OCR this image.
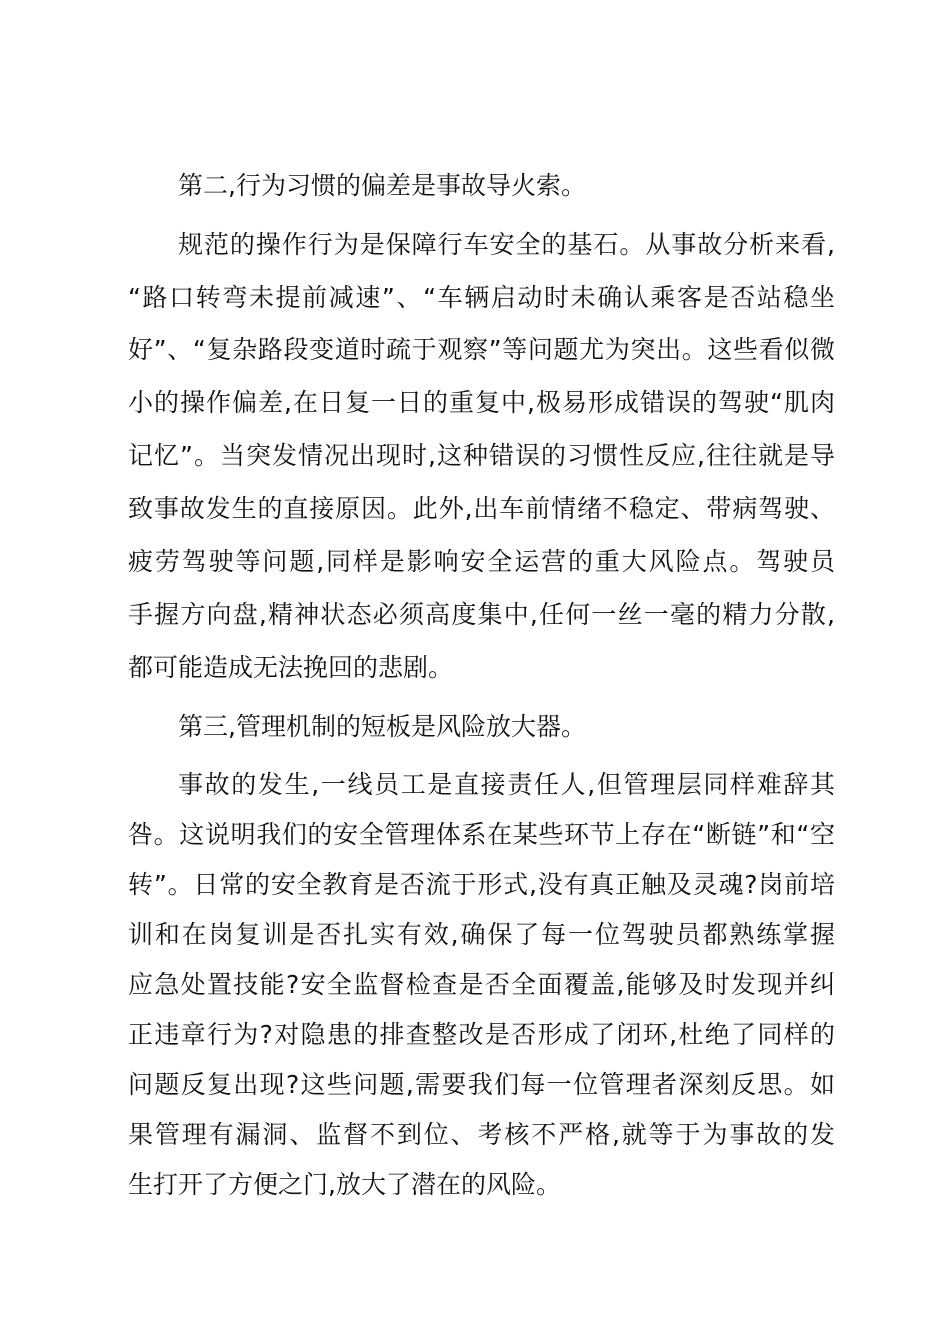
第二,行为习惯的偏差是事故导火索。
规范的操作行为是保障行车安全的基石。从事故分析来看,
“路口转弯未提前减速”、“车辆启动时未确认乘客是否站稳坐
好”、“复杂路段变道时疏于观察”等问题尤为突出。这些看似微
小的操作偏差,在日复一日的重复中,极易形成错误的驾驶“肌肉
记忆”。当突发情况出现时,这种错误的习惯性反应,往往就是导
致事故发生的直接原因。此外,出车前情绪不稳定、带病驾驶、
疲劳驾驶等问题,同样是影响安全运营的重大风险点。驾驶员
手握方向盘,精神状态必须高度集中,任何一丝一毫的精力分散,
都可能造成无法挽回的悲剧。
第三,管理机制的短板是风险放大器。
事故的发生,一线员工是直接责任人,但管理层同样难辞其
咎。这说明我们的安全管理体系在某些环节上存在“断链”和“空
转”。日常的安全教育是否流于形式,没有真正触及灵魂?岗前培
训和在岗复训是否扎实有效,确保了每一位驾驶员都熟练掌握
应急处置技能?安全监督检查是否全面覆盖,能够及时发现并纠
正违章行为?对隐患的排查整改是否形成了闭环,杜绝了同样的
问题反复出现?这些问题,需要我们每一位管理者深刻反思。如
果管理有漏洞、监督不到位、考核不严格,就等于为事故的发
生打开了方便之门,放大了潜在的风险。
